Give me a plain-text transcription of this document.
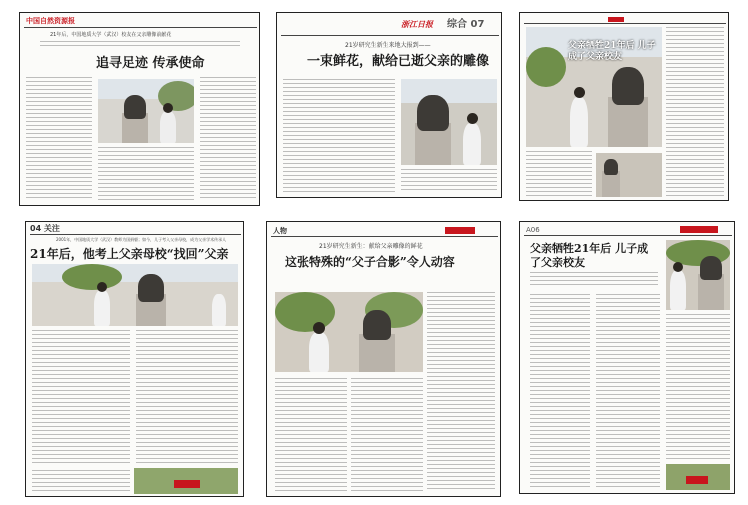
中国自然资源报
21年后，中国地质大学（武汉）校友在父亲雕像前献花
追寻足迹 传承使命
浙江日报 综合 07
21岁研究生新生来地大报到——
一束鲜花，献给已逝父亲的雕像
父亲牺牲21年后 儿子成了父亲校友
04 关注
2001年，中国地质大学（武汉）教师为国捐躯；如今，儿子考入父亲母校，成为父亲学术传承人
21年后，他考上父亲母校“找回”父亲
人物
21岁研究生新生：献给父亲雕像的鲜花
这张特殊的“父子合影”令人动容
A06
父亲牺牲21年后 儿子成了父亲校友
